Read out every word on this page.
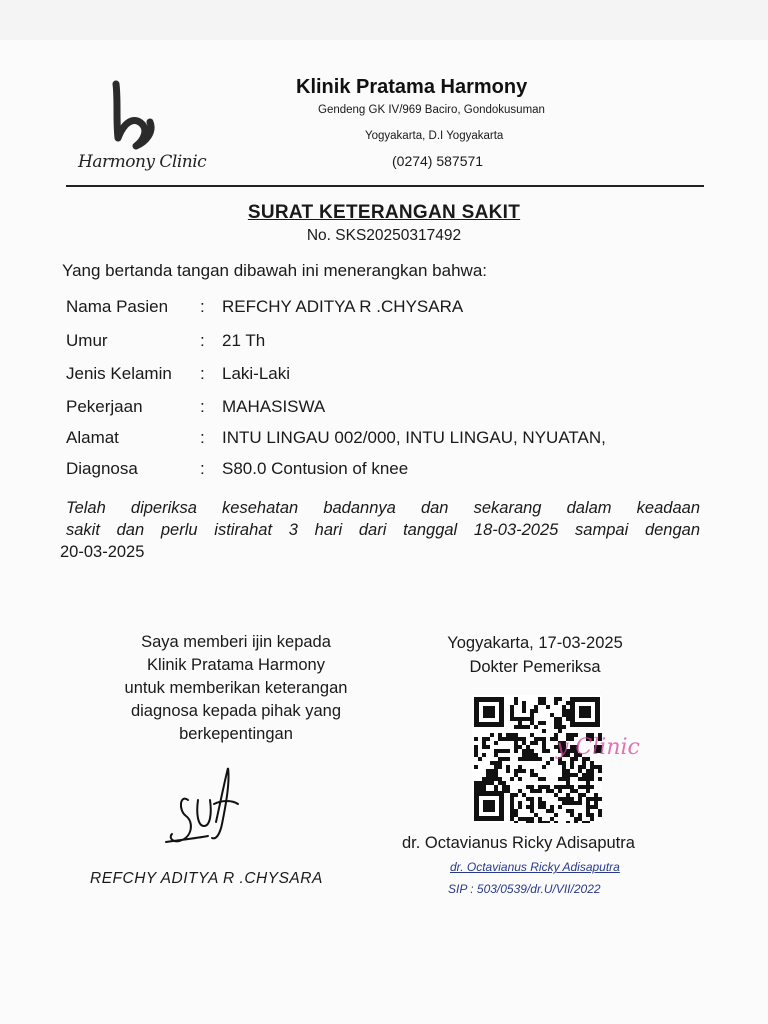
Harmony Clinic
Klinik Pratama Harmony
Gendeng GK IV/969 Baciro, Gondokusuman
Yogyakarta, D.I Yogyakarta
(0274) 587571
SURAT KETERANGAN SAKIT
No. SKS20250317492
Yang bertanda tangan dibawah ini menerangkan bahwa:
Nama Pasien : REFCHY ADITYA R .CHYSARA
Umur	: 21 Th
Jenis Kelamin : Laki-Laki
Pekerjaan	: MAHASISWA
Alamat	: INTU LINGAU 002/000, INTU LINGAU, NYUATAN,
Diagnosa	: S80.0 Contusion of knee
Telah diperiksa kesehatan badannya dan sekarang dalam keadaan
sakit dan perlu istirahat 3 hari dari tanggal 18-03-2025 sampai dengan
20-03-2025
Saya memberi ijin kepada
Klinik Pratama Harmony
untuk memberikan keterangan
diagnosa kepada pihak yang
berkepentingan
REFCHY ADITYA R .CHYSARA
Yogyakarta, 17-03-2025
Dokter Pemeriksa
y Clinic
dr. Octavianus Ricky Adisaputra
dr. Octavianus Ricky Adisaputra
SIP : 503/0539/dr.U/VII/2022
